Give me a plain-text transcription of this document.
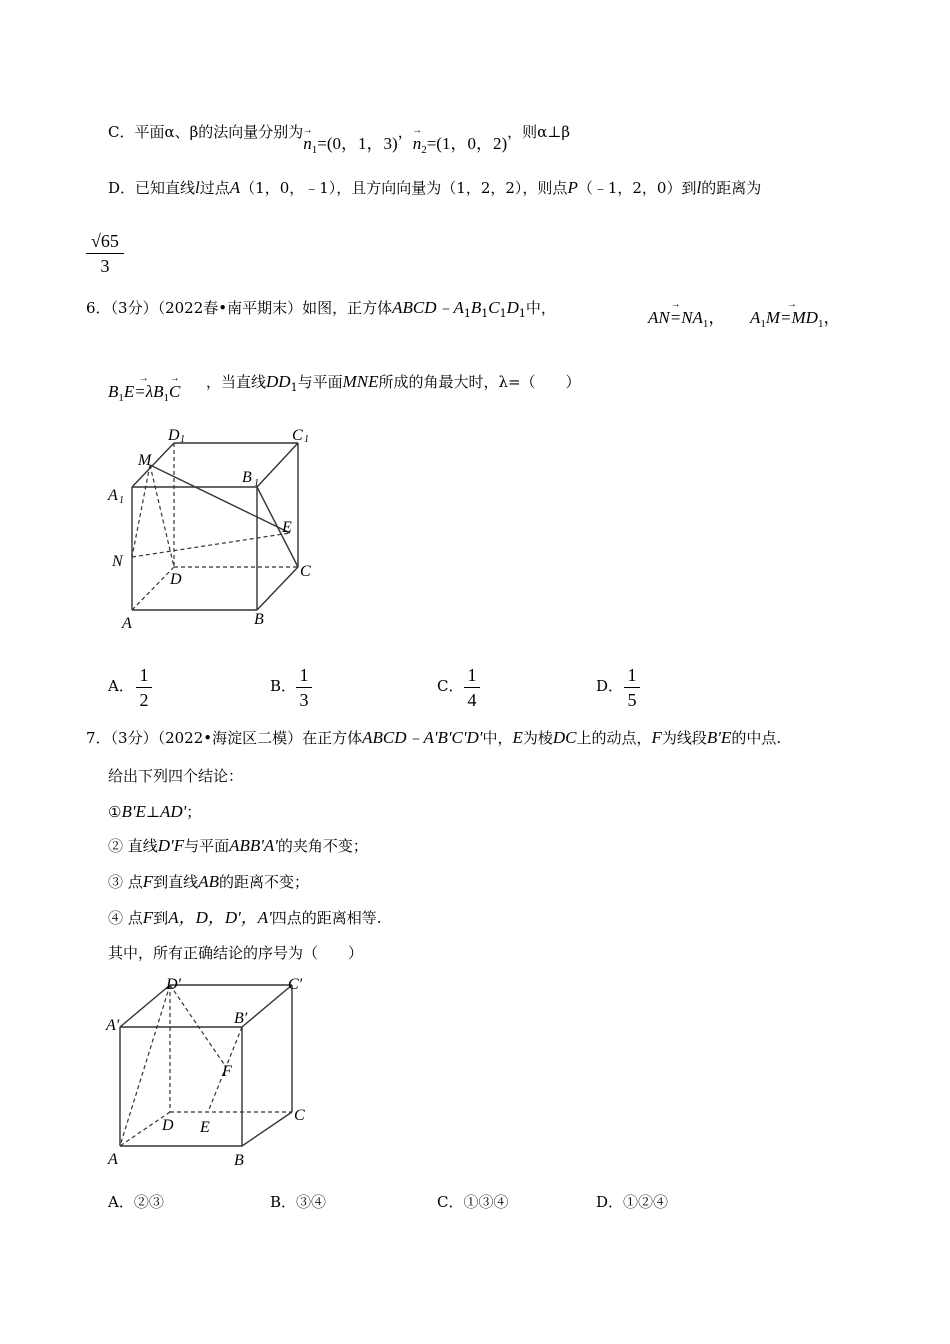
C．平面α、β的法向量分别为→ $n_1=(0$，1，3)，→ $n_2=(1$，0，2)，则α⊥β
D．已知直线l过点A（1，0，﹣1），且方向向量为（1，2，2），则点P（﹣1，2，0）到l的距离为
√65
3
6．（3分）（2022春•南平期末）如图，正方体$ABCD﹣A_1B_1C_1D_1$中，
→	$AN=NA_1$， $A_1\to M=MD_1$，
$B_1\to E=\lambda B_1\to C$ ，当直线$DD_1$与平面MNE所成的角最大时，λ=（　　）
D 1	C 1
M
B 1
A 1
E
N
D	C
A	B
A．
1
2
B．
1
3
C．
1
4
D．
1
5
7．（3分）（2022•海淀区二模）在正方体ABCD﹣A'B'C'D'中，E为棱DC上的动点，F为线段B'E的中点.
给出下列四个结论：
①B'E⊥AD'；
② 直线D'F与平面ABB'A'的夹角不变；
③ 点F到直线AB的距离不变；
④ 点F到A，D，D'，A'四点的距离相等.
其中，所有正确结论的序号为（　　）
D′	C′
A′	B′
F
D E
C
A	B
A．②③	B．③④	C．①③④	D．①②④
